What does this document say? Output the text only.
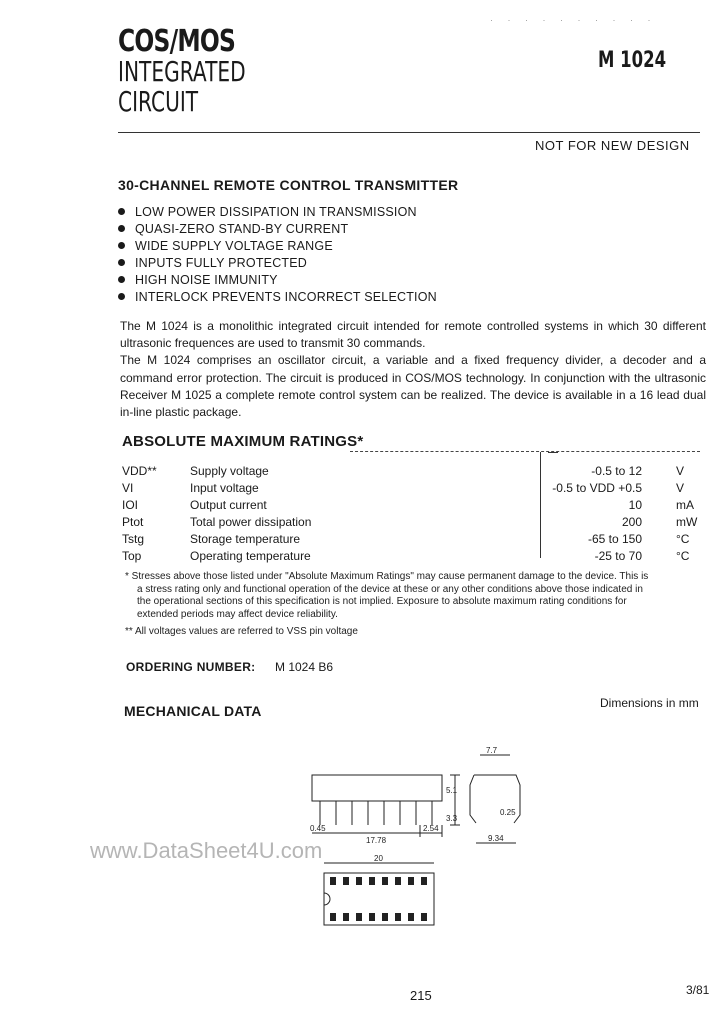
COS/MOS
INTEGRATED
CIRCUIT
· · · · · · · · · ·
M 1024
NOT FOR NEW DESIGN
30-CHANNEL REMOTE CONTROL TRANSMITTER
LOW POWER DISSIPATION IN TRANSMISSION
QUASI-ZERO STAND-BY CURRENT
WIDE SUPPLY VOLTAGE RANGE
INPUTS FULLY PROTECTED
HIGH NOISE IMMUNITY
INTERLOCK PREVENTS INCORRECT SELECTION

The M 1024 is a monolithic integrated circuit intended for remote controlled systems in which 30 different ultrasonic frequences are used to transmit 30 commands.

The M 1024 comprises an oscillator circuit, a variable and a fixed frequency divider, a decoder and a command error protection. The circuit is produced in COS/MOS technology. In conjunction with the ultrasonic Receiver M 1025 a complete remote control system can be realized. The device is available in a 16 lead dual in-line plastic package.

ABSOLUTE MAXIMUM RATINGS*
VDD**	Supply voltage	-0.5 to 12	V
VI	Input voltage	-0.5 to VDD +0.5	V
IOI	Output current	10	mA
Ptot	Total power dissipation	200	mW
Tstg	Storage temperature	-65 to 150	°C
Top	Operating temperature	-25 to 70	°C
* Stresses above those listed under "Absolute Maximum Ratings" may cause permanent damage to the device. This is
a stress rating only and functional operation of the device at these or any other conditions above those indicated in
the operational sections of this specification is not implied. Exposure to absolute maximum rating conditions for
extended periods may affect device reliability.
** All voltages values are referred to VSS pin voltage
ORDERING NUMBER: M 1024 B6
MECHANICAL DATA	Dimensions in mm
0.45
17.78
2.54
3.3
5.1
7.7
0.25
9.34
20
www.DataSheet4U.com
215	3/81
